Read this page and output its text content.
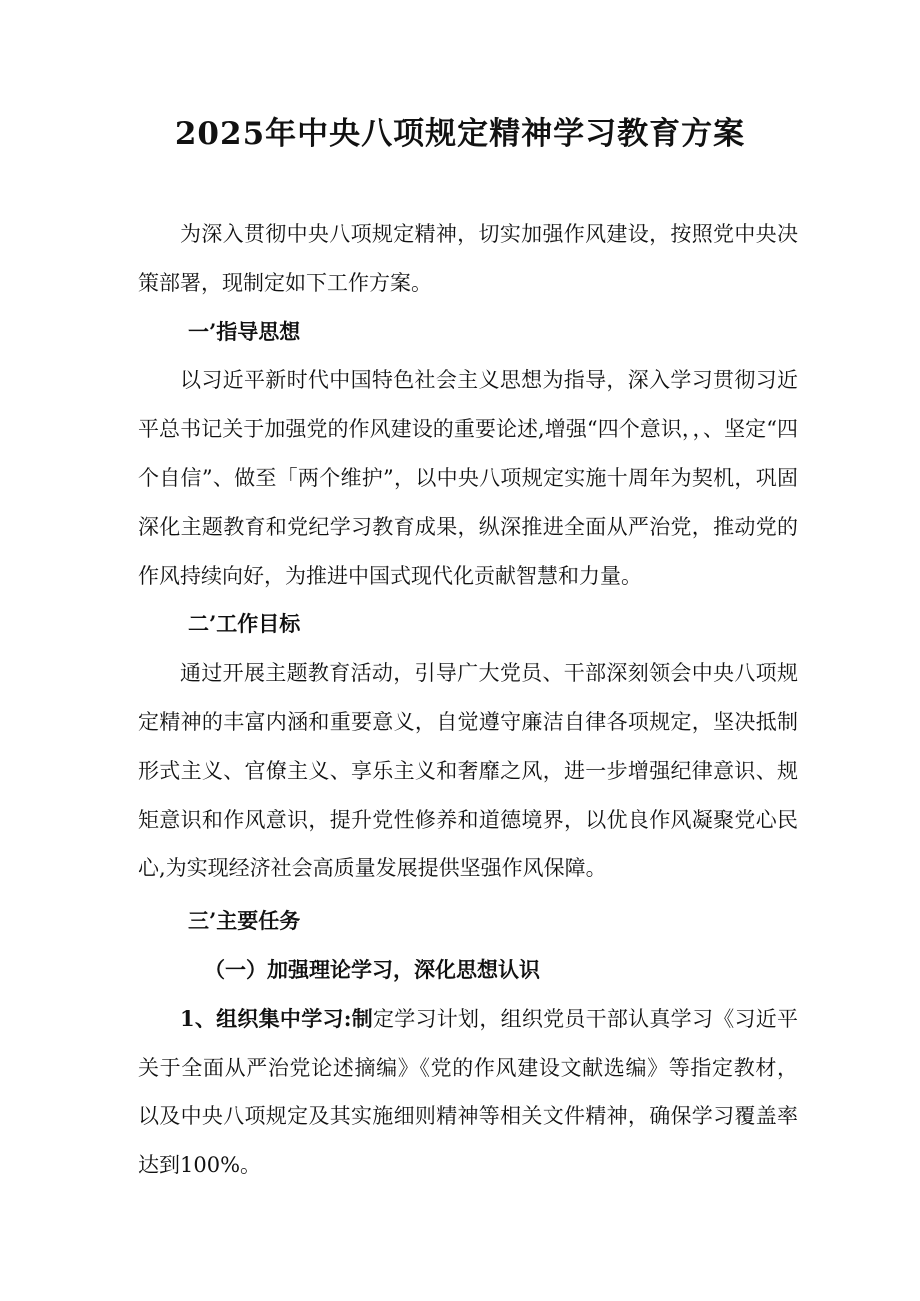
2025年中央八项规定精神学习教育方案

为深入贯彻中央八项规定精神，切实加强作风建设，按照党中央决策部署，现制定如下工作方案。

一’指导思想

以习近平新时代中国特色社会主义思想为指导，深入学习贯彻习近平总书记关于加强党的作风建设的重要论述,增强“四个意识，，、坚定“四个自信”、做至「两个维护”，以中央八项规定实施十周年为契机，巩固深化主题教育和党纪学习教育成果，纵深推进全面从严治党，推动党的作风持续向好，为推进中国式现代化贡献智慧和力量。

二’工作目标

通过开展主题教育活动，引导广大党员、干部深刻领会中央八项规定精神的丰富内涵和重要意义，自觉遵守廉洁自律各项规定，坚决抵制形式主义、官僚主义、享乐主义和奢靡之风，进一步增强纪律意识、规矩意识和作风意识，提升党性修养和道德境界，以优良作风凝聚党心民心,为实现经济社会高质量发展提供坚强作风保障。

三’主要任务

（一）加强理论学习，深化思想认识

1、组织集中学习:制定学习计划，组织党员干部认真学习《习近平关于全面从严治党论述摘编》《党的作风建设文献选编》等指定教材，以及中央八项规定及其实施细则精神等相关文件精神，确保学习覆盖率达到100%。
